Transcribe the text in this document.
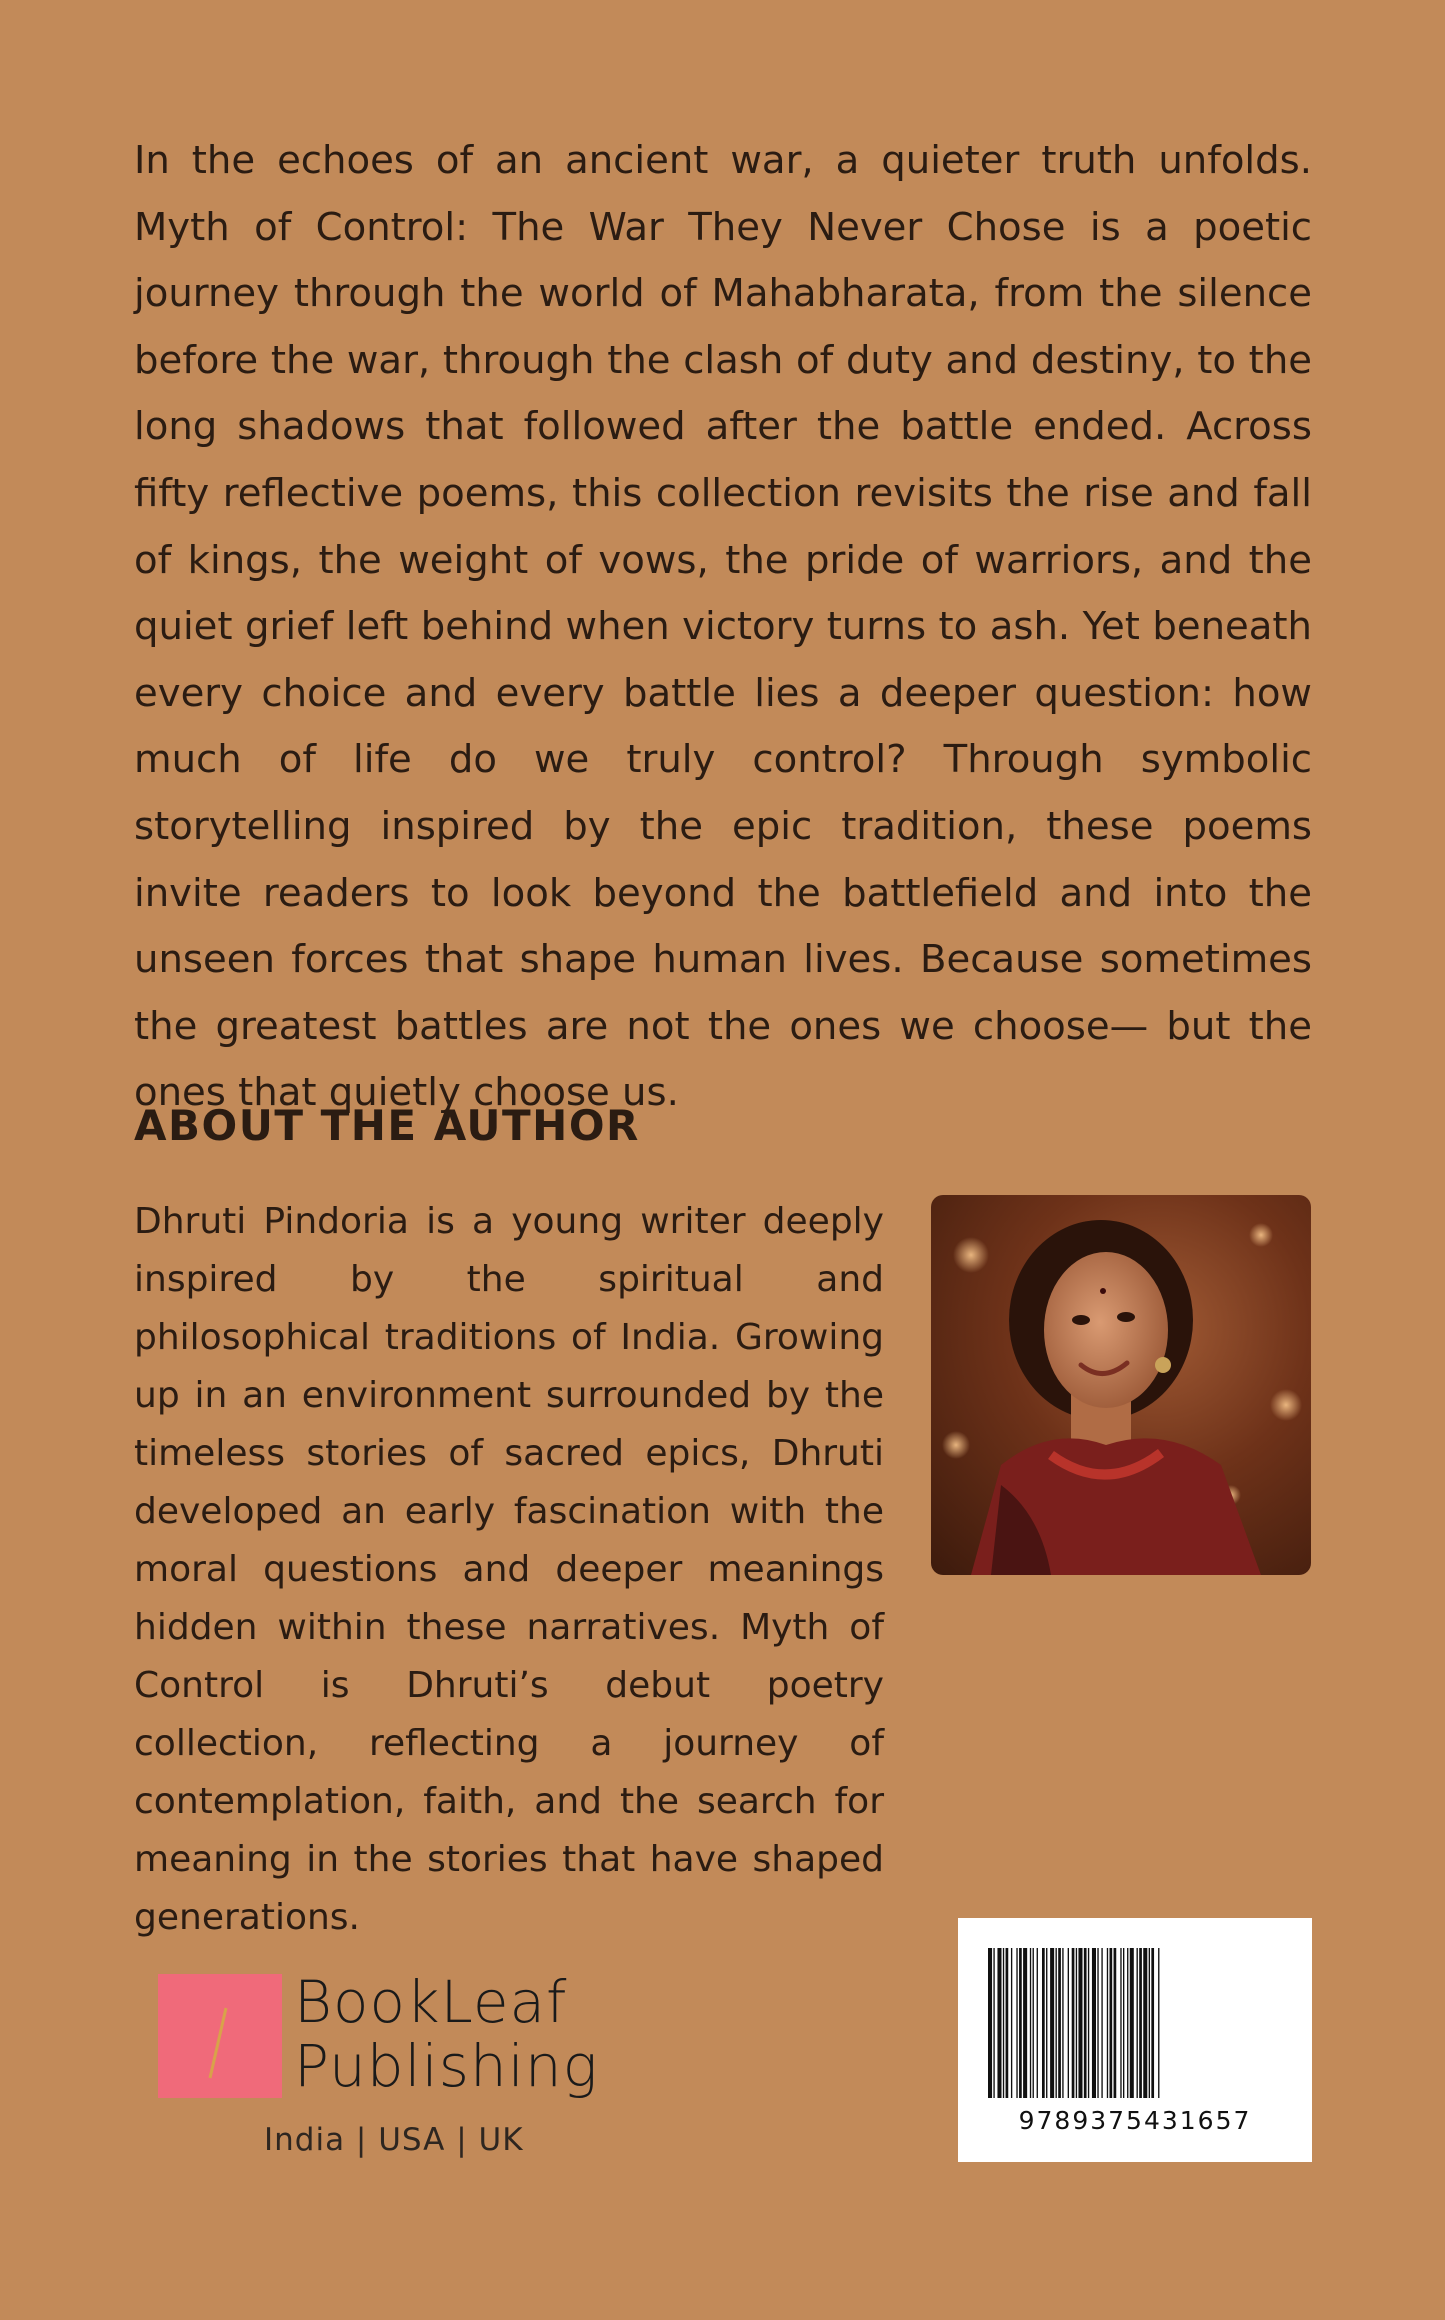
In the echoes of an ancient war, a quieter truth unfolds. Myth of Control: The War They Never Chose is a poetic journey through the world of Mahabharata, from the silence before the war, through the clash of duty and destiny, to the long shadows that followed after the battle ended. Across fifty reflective poems, this collection revisits the rise and fall of kings, the weight of vows, the pride of warriors, and the quiet grief left behind when victory turns to ash. Yet beneath every choice and every battle lies a deeper question: how much of life do we truly control? Through symbolic storytelling inspired by the epic tradition, these poems invite readers to look beyond the battlefield and into the unseen forces that shape human lives. Because sometimes the greatest battles are not the ones we choose— but the ones that quietly choose us.

ABOUT THE AUTHOR

Dhruti Pindoria is a young writer deeply inspired by the spiritual and philosophical traditions of India. Growing up in an environment surrounded by the timeless stories of sacred epics, Dhruti developed an early fascination with the moral questions and deeper meanings hidden within these narratives. Myth of Control is Dhruti’s debut poetry collection, reflecting a journey of contemplation, faith, and the search for meaning in the stories that have shaped generations.

BookLeaf
Publishing
India | USA | UK
9789375431657
